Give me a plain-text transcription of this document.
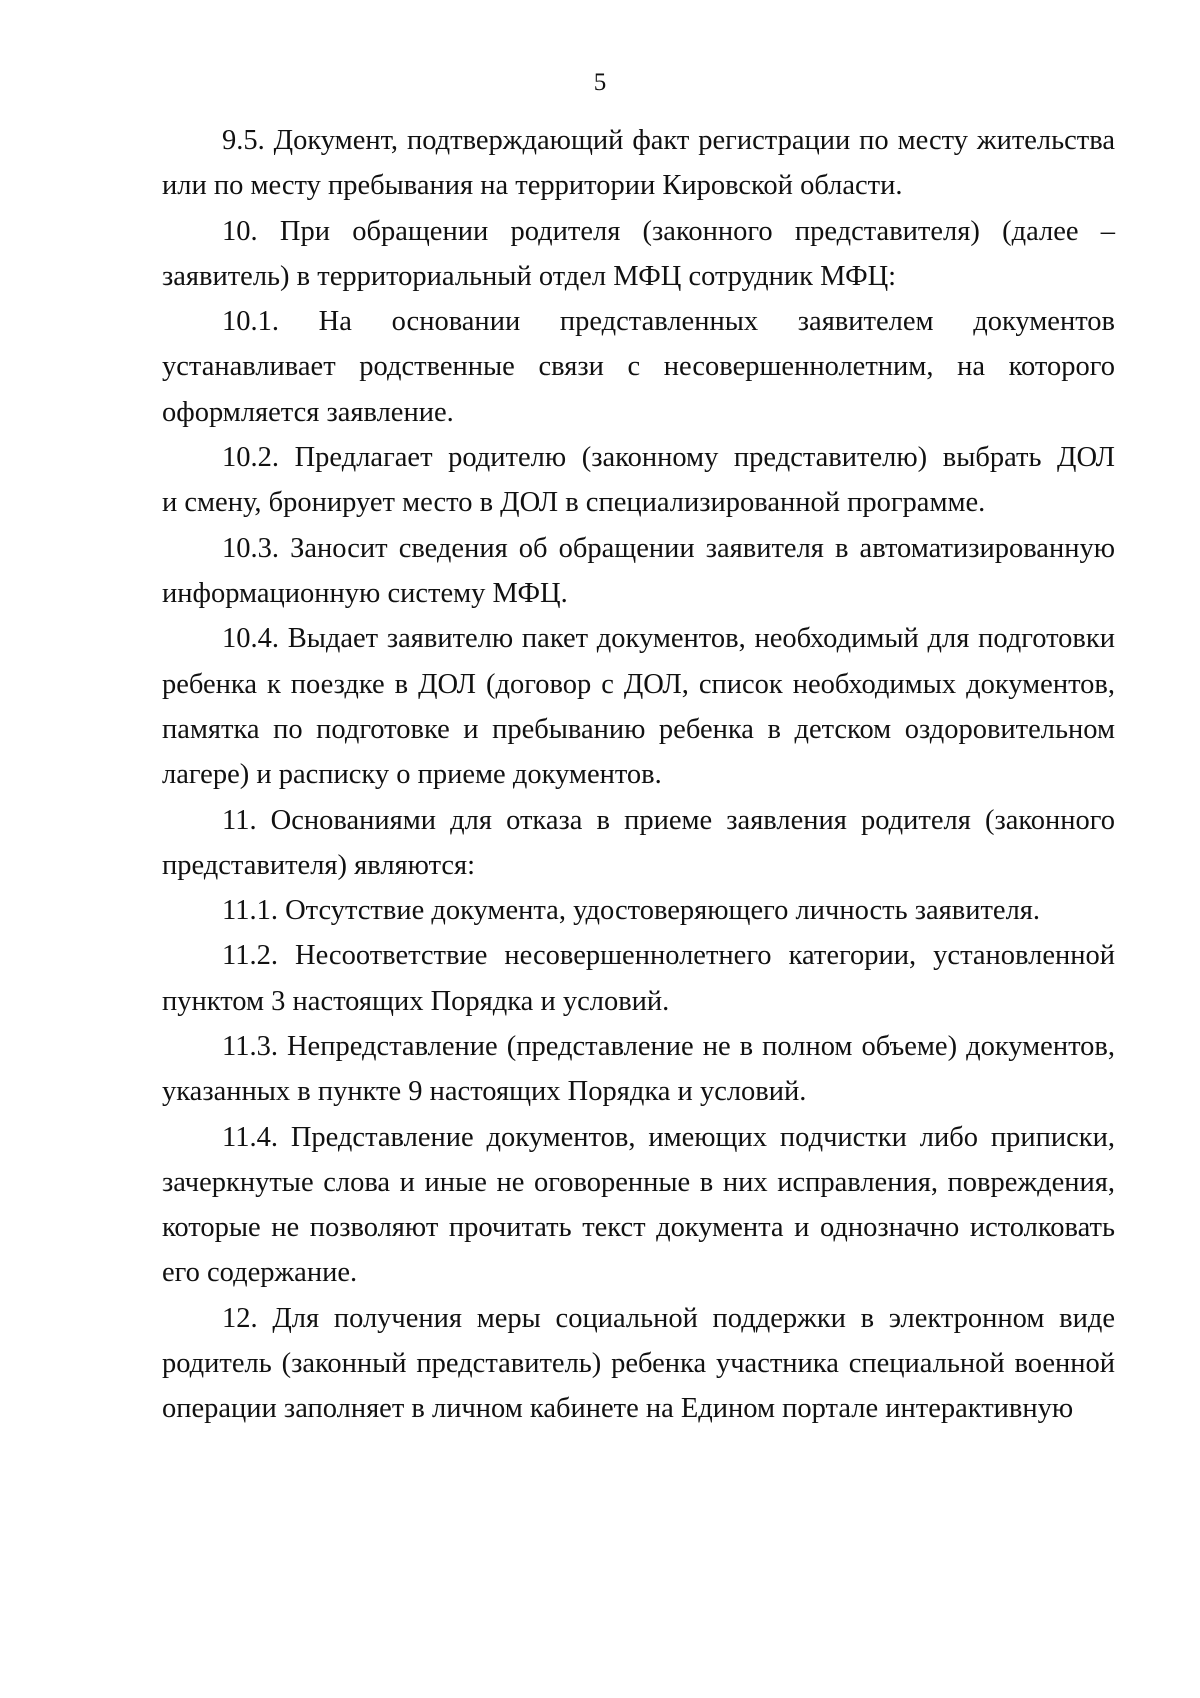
5
9.5. Документ, подтверждающий факт регистрации по месту жительства
или по месту пребывания на территории Кировской области.
10. При обращении родителя (законного представителя) (далее –
заявитель) в территориальный отдел МФЦ сотрудник МФЦ:
10.1. На основании представленных заявителем документов
устанавливает родственные связи с несовершеннолетним, на которого
оформляется заявление.
10.2. Предлагает родителю (законному представителю) выбрать ДОЛ
и смену, бронирует место в ДОЛ в специализированной программе.
10.3. Заносит сведения об обращении заявителя в автоматизированную
информационную систему МФЦ.
10.4. Выдает заявителю пакет документов, необходимый для подготовки
ребенка к поездке в ДОЛ (договор с ДОЛ, список необходимых документов,
памятка по подготовке и пребыванию ребенка в детском оздоровительном
лагере) и расписку о приеме документов.
11. Основаниями для отказа в приеме заявления родителя (законного
представителя) являются:
11.1. Отсутствие документа, удостоверяющего личность заявителя.
11.2. Несоответствие несовершеннолетнего категории, установленной
пунктом 3 настоящих Порядка и условий.
11.3. Непредставление (представление не в полном объеме) документов,
указанных в пункте 9 настоящих Порядка и условий.
11.4. Представление документов, имеющих подчистки либо приписки,
зачеркнутые слова и иные не оговоренные в них исправления, повреждения,
которые не позволяют прочитать текст документа и однозначно истолковать
его содержание.
12. Для получения меры социальной поддержки в электронном виде
родитель (законный представитель) ребенка участника специальной военной
операции заполняет в личном кабинете на Едином портале интерактивную
